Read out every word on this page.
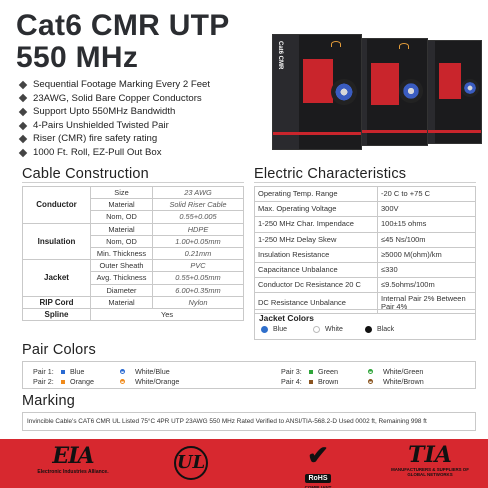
Cat6 CMR UTP
550 MHz
Sequential Footage Marking Every 2 Feet
23AWG, Solid Bare Copper Conductors
Support Upto 550MHz Bandwidth
4-Pairs Unshielded Twisted Pair
Riser (CMR) fire safety rating
1000 Ft. Roll, EZ-Pull Out Box
Cat6 CMR
Cable Construction
Conductor	Size	23 AWG
	Material	Solid Riser Cable
	Nom, OD	0.55+0.005
Insulation	Material	HDPE
	Nom, OD	1.00+0.05mm
	Min. Thickness	0.21mm
Jacket	Outer Sheath	PVC
	Avg. Thickness	0.55+0.05mm
	Diameter	6.00+0.35mm
RIP Cord	Material	Nylon
Spline	Yes	
Electric Characteristics
Operating Temp. Range	-20 C to +75 C
Max. Operating Voltage	300V
1-250 MHz Char. Impendace	100±15 ohms
1-250 MHz Delay Skew	≤45 Ns/100m
Insulation Resistance	≥5000 M(ohm)/km
Capacitance Unbalance	≤330
Conductor Dc Resistance 20 C	≤9.5ohms/100m
DC Resistance Unbalance	Internal Pair 2% Between Pair 4%
Jacket Colors
Blue	White	Black
Pair Colors
Pair 1:	Blue	White/Blue
Pair 2:	Orange	White/Orange
Pair 3:	Green	White/Green
Pair 4:	Brown	White/Brown
Marking
Invincible Cable's CAT6 CMR UL Listed 75°C 4PR UTP 23AWG 550 MHz Rated Verified to ANSI/TIA-568.2-D Used 0002 ft, Remaining 998 ft
EIA
Electronic Industries Alliance.	UL	✔
RoHS
COMPLIANT
TIA
MANUFACTURERS & SUPPLIERS OF GLOBAL NETWORKS
